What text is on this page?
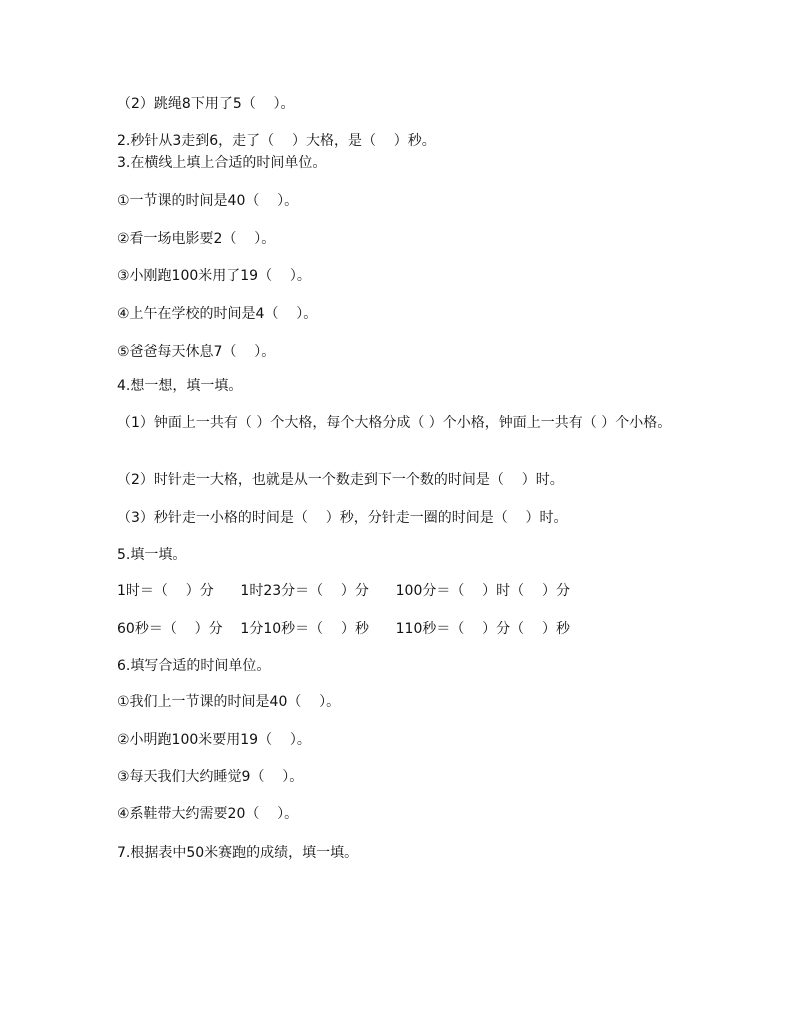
（2）跳绳8下用了5（    ）。
2.秒针从3走到6，走了（    ）大格，是（    ）秒。
3.在横线上填上合适的时间单位。
①一节课的时间是40（    ）。
②看一场电影要2（    ）。
③小刚跑100米用了19（    ）。
④上午在学校的时间是4（    ）。
⑤爸爸每天休息7（    ）。
4.想一想，填一填。
（1）钟面上一共有（ ）个大格，每个大格分成（ ）个小格，钟面上一共有（ ）个小格。
（2）时针走一大格，也就是从一个数走到下一个数的时间是（    ）时。
（3）秒针走一小格的时间是（    ）秒，分针走一圈的时间是（    ）时。
5.填一填。
1时＝（    ）分      1时23分＝（    ）分      100分＝（    ）时（    ）分
60秒＝（    ）分    1分10秒＝（    ）秒      110秒＝（    ）分（    ）秒
6.填写合适的时间单位。
①我们上一节课的时间是40（    ）。
②小明跑100米要用19（    ）。
③每天我们大约睡觉9（    ）。
④系鞋带大约需要20（    ）。
7.根据表中50米赛跑的成绩，填一填。
